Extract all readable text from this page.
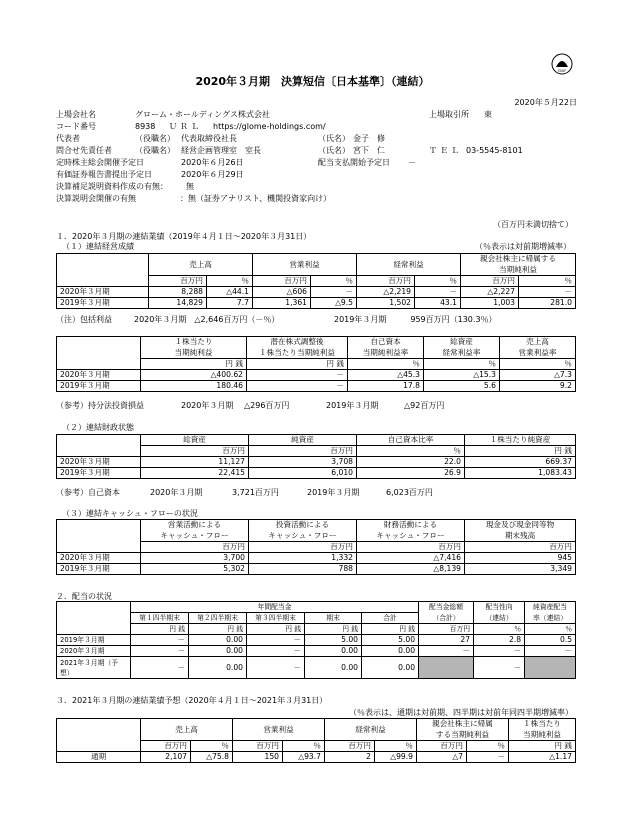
FASF
2020年３月期　決算短信〔日本基準〕（連結）
2020年５月22日
上場会社名	グローム・ホールディングス株式会社	上場取引所 東
コード番号	8938 ＵＲＬ https://glome-holdings.com/
代表者	（役職名） 代表取締役社長	（氏名） 金子　修
問合せ先責任者	（役職名） 経営企画管理室　室長	（氏名） 宮下　仁	ＴＥＬ 03-5545-8101
定時株主総会開催予定日	2020年６月26日	配当支払開始予定日 －
有価証券報告書提出予定日	2020年６月29日
決算補足説明資料作成の有無： 無
決算説明会開催の有無	：無（証券アナリスト、機関投資家向け）
（百万円未満切捨て）
１．2020年３月期の連結業績（2019年４月１日～2020年３月31日）
（１）連結経営成績	（％表示は対前期増減率）
	売上高		営業利益		経常利益		親会社株主に帰属する	
							当期純利益	
	百万円	％	百万円	％	百万円	％	百万円	％
2020年３月期	8,288	△44.1	△606	－	△2,219	－	△2,227	－
2019年３月期	14,829	7.7	1,361	△9.5	1,502	43.1	1,003	281.0
（注）包括利益	2020年３月期　△2,646百万円（－％）	2019年３月期　　　959百万円（130.3％）
	１株当たり	潜在株式調整後	自己資本	総資産	売上高
	当期純利益	１株当たり当期純利益	当期純利益率	経常利益率	営業利益率
	円 銭	円 銭	％	％	％
2020年３月期	△400.62	－	△45.3	△15.3	△7.3
2019年３月期	180.46	－	17.8	5.6	9.2
（参考）持分法投資損益	2020年３月期 △296百万円	2019年３月期	△92百万円
（２）連結財政状態
	総資産	純資産	自己資本比率	１株当たり純資産
	百万円	百万円	％	円 銭
2020年３月期	11,127	3,708	22.0	669.37
2019年３月期	22,415	6,010	26.9	1,083.43
（参考）自己資本	2020年３月期	3,721百万円	2019年３月期	6,023百万円
（３）連結キャッシュ・フローの状況
	営業活動による	投資活動による	財務活動による	現金及び現金同等物
	キャッシュ・フロー	キャッシュ・フロー	キャッシュ・フロー	期末残高
	百万円	百万円	百万円	百万円
2020年３月期	3,700	1,332	△7,416	945
2019年３月期	5,302	788	△8,139	3,349
２．配当の状況
	年間配当金					配当金総額	配当性向	純資産配当
	第１四半期末	第２四半期末	第３四半期末	期末	合計	（合計）	（連結）	率（連結）
	円 銭	円 銭	円 銭	円 銭	円 銭	百万円	％	％
2019年３月期	－	0.00	－	5.00	5.00	27	2.8	0.5
2020年３月期	－	0.00	－	0.00	0.00	－	－	－
2021年３月期（予
想）	－	0.00	－	0.00	0.00		－	
３．2021年３月期の連結業績予想（2020年４月１日～2021年３月31日）
（％表示は、通期は対前期、四半期は対前年同四半期増減率）
	売上高		営業利益		経常利益		親会社株主に帰属		１株当たり
							する当期純利益		当期純利益
	百万円	％	百万円	％	百万円	％	百万円	％	円 銭
通期	2,107	△75.8	150	△93.7	2	△99.9	△7	－	△1.17
